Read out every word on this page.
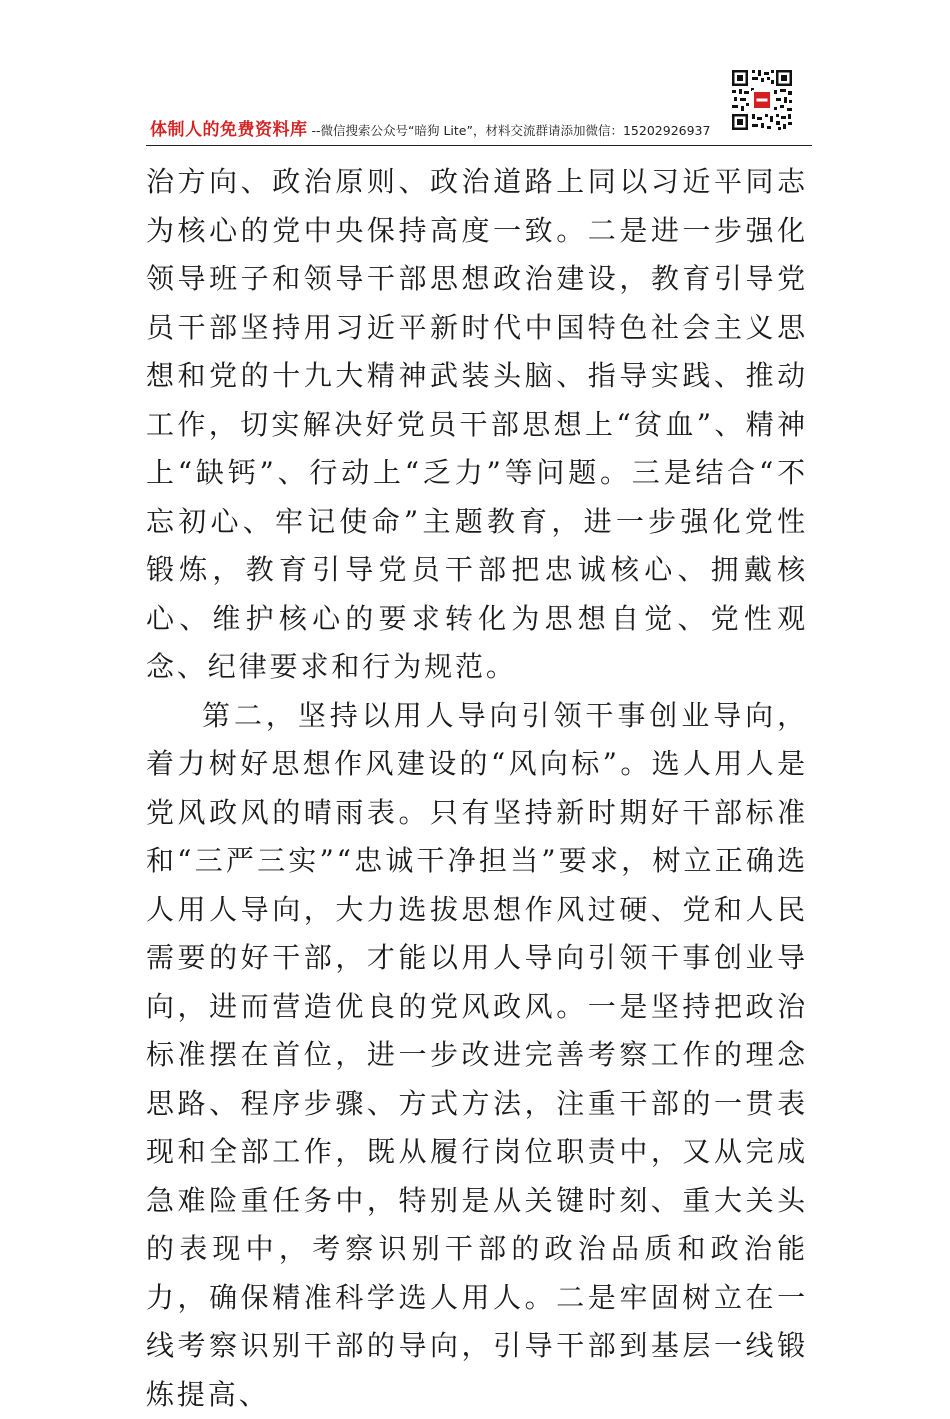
体制人的免费资料库 --微信搜索公众号“暗狗 Lite”，材料交流群请添加微信：15202926937

治方向、政治原则、政治道路上同以习近平同志为核心的党中央保持高度一致。二是进一步强化领导班子和领导干部思想政治建设，教育引导党员干部坚持用习近平新时代中国特色社会主义思想和党的十九大精神武装头脑、指导实践、推动工作，切实解决好党员干部思想上“贫血”、精神上“缺钙”、行动上“乏力”等问题。三是结合“不忘初心、牢记使命”主题教育，进一步强化党性锻炼，教育引导党员干部把忠诚核心、拥戴核心、维护核心的要求转化为思想自觉、党性观念、纪律要求和行为规范。

第二，坚持以用人导向引领干事创业导向，着力树好思想作风建设的“风向标”。选人用人是党风政风的晴雨表。只有坚持新时期好干部标准和“三严三实”“忠诚干净担当”要求，树立正确选人用人导向，大力选拔思想作风过硬、党和人民需要的好干部，才能以用人导向引领干事创业导向，进而营造优良的党风政风。一是坚持把政治标准摆在首位，进一步改进完善考察工作的理念思路、程序步骤、方式方法，注重干部的一贯表现和全部工作，既从履行岗位职责中，又从完成急难险重任务中，特别是从关键时刻、重大关头的表现中，考察识别干部的政治品质和政治能力，确保精准科学选人用人。二是牢固树立在一线考察识别干部的导向，引导干部到基层一线锻炼提高、
